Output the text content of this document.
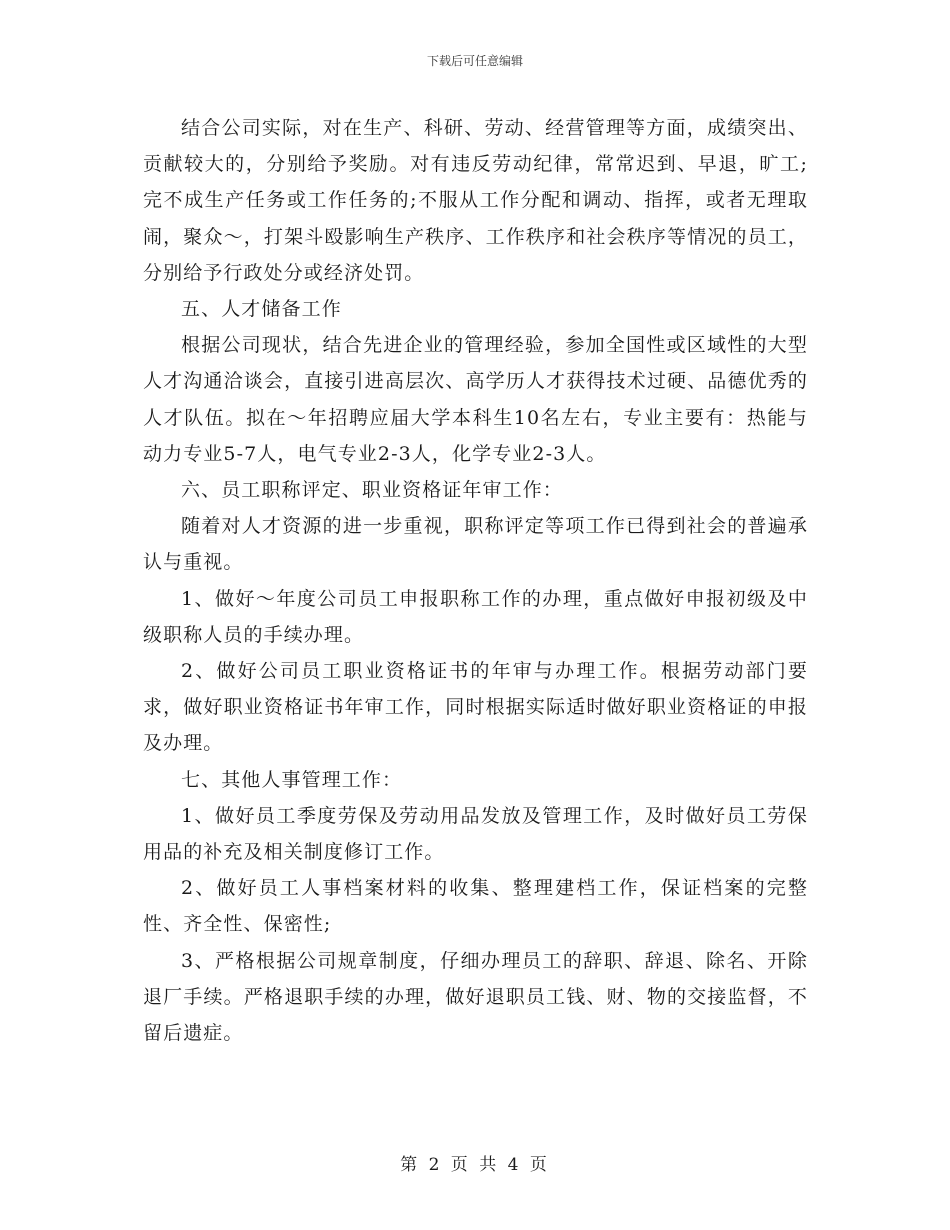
下载后可任意编辑

结合公司实际，对在生产、科研、劳动、经营管理等方面，成绩突出、贡献较大的，分别给予奖励。对有违反劳动纪律，常常迟到、早退，旷工;完不成生产任务或工作任务的;不服从工作分配和调动、指挥，或者无理取闹，聚众～，打架斗殴影响生产秩序、工作秩序和社会秩序等情况的员工，分别给予行政处分或经济处罚。

五、人才储备工作

根据公司现状，结合先进企业的管理经验，参加全国性或区域性的大型人才沟通洽谈会，直接引进高层次、高学历人才获得技术过硬、品德优秀的人才队伍。拟在～年招聘应届大学本科生10名左右，专业主要有：热能与动力专业5-7人，电气专业2-3人，化学专业2-3人。

六、员工职称评定、职业资格证年审工作：

随着对人才资源的进一步重视，职称评定等项工作已得到社会的普遍承认与重视。

1、做好～年度公司员工申报职称工作的办理，重点做好申报初级及中级职称人员的手续办理。

2、做好公司员工职业资格证书的年审与办理工作。根据劳动部门要求，做好职业资格证书年审工作，同时根据实际适时做好职业资格证的申报及办理。

七、其他人事管理工作：

1、做好员工季度劳保及劳动用品发放及管理工作，及时做好员工劳保用品的补充及相关制度修订工作。

2、做好员工人事档案材料的收集、整理建档工作，保证档案的完整性、齐全性、保密性;

3、严格根据公司规章制度，仔细办理员工的辞职、辞退、除名、开除退厂手续。严格退职手续的办理，做好退职员工钱、财、物的交接监督，不留后遗症。

第 2 页 共 4 页
